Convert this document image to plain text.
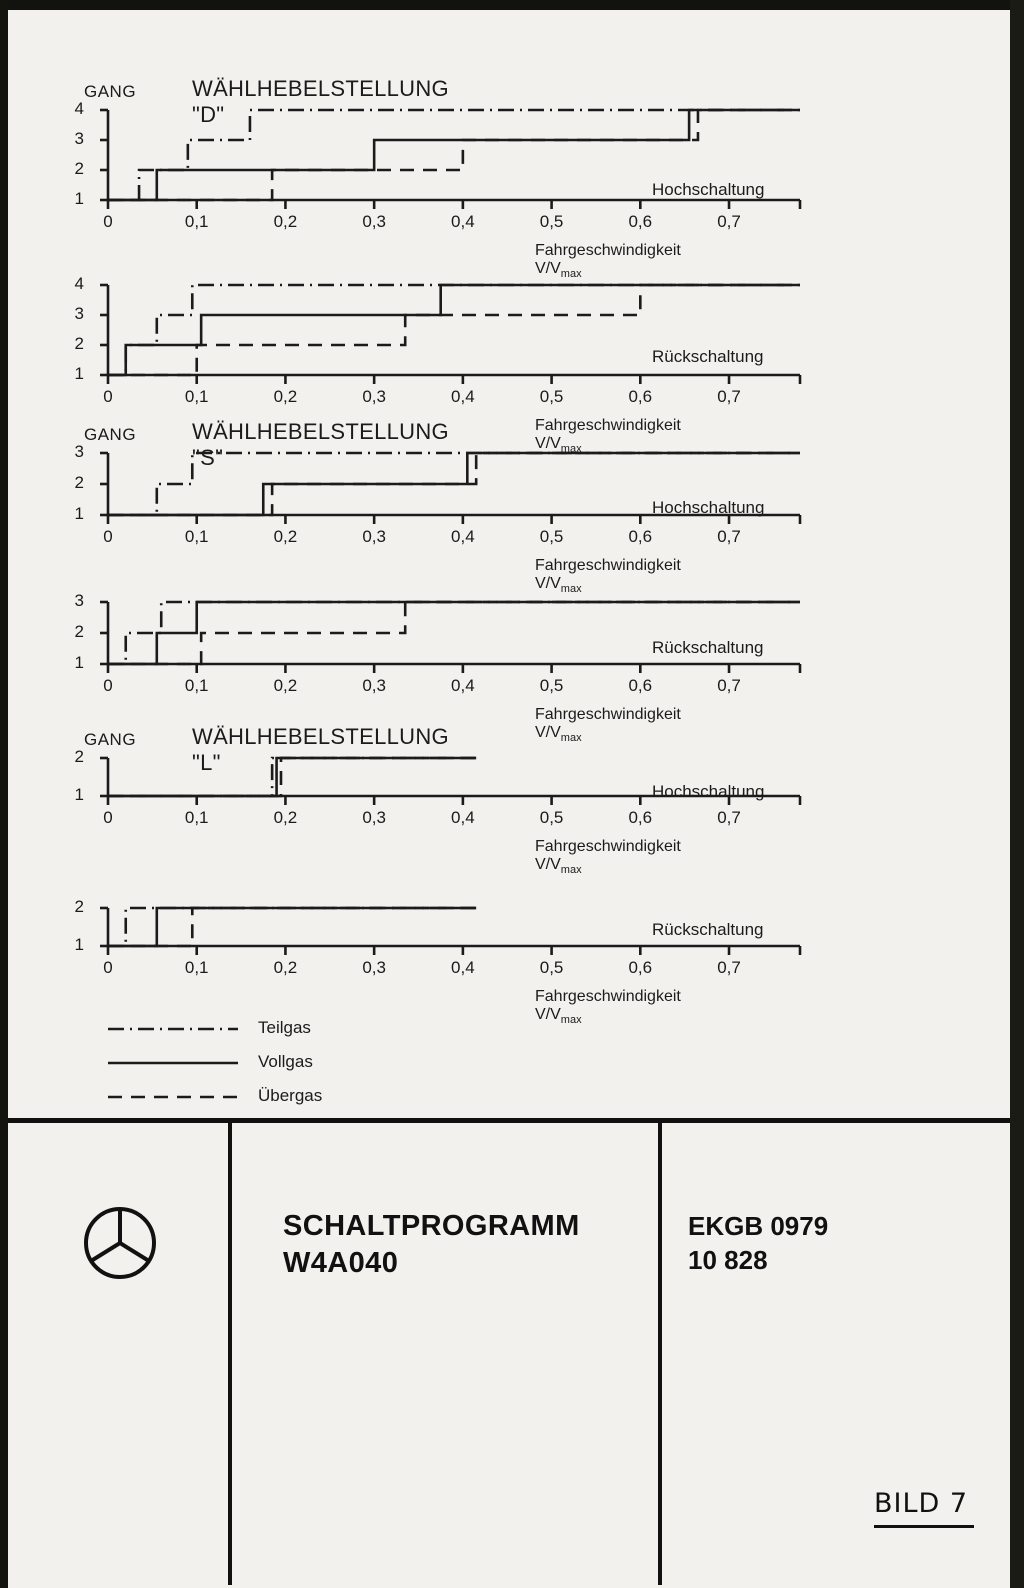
1
2
3
4
0	0,1	0,2	0,3	0,4	0,5	0,6	0,7
Fahrgeschwindigkeit $V/V_{max}$
Hochschaltung
GANG	WÄHLHEBELSTELLUNG "D"
1
2
3
4
0	0,1	0,2	0,3	0,4	0,5	0,6	0,7
Fahrgeschwindigkeit $V/V_{max}$
Rückschaltung
1
2
3
0	0,1	0,2	0,3	0,4	0,5	0,6	0,7
Fahrgeschwindigkeit $V/V_{max}$
Hochschaltung
GANG	WÄHLHEBELSTELLUNG "S"
1
2
3
0	0,1	0,2	0,3	0,4	0,5	0,6	0,7
Fahrgeschwindigkeit $V/V_{max}$
Rückschaltung
1
2
0	0,1	0,2	0,3	0,4	0,5	0,6	0,7
Fahrgeschwindigkeit $V/V_{max}$
Hochschaltung
GANG	WÄHLHEBELSTELLUNG "L"
1
2
0	0,1	0,2	0,3	0,4	0,5	0,6	0,7
Fahrgeschwindigkeit $V/V_{max}$
Rückschaltung
Teilgas
Vollgas
Übergas
SCHALTPROGRAMM
W4A040
EKGB 0979
10 828
BILD 7
